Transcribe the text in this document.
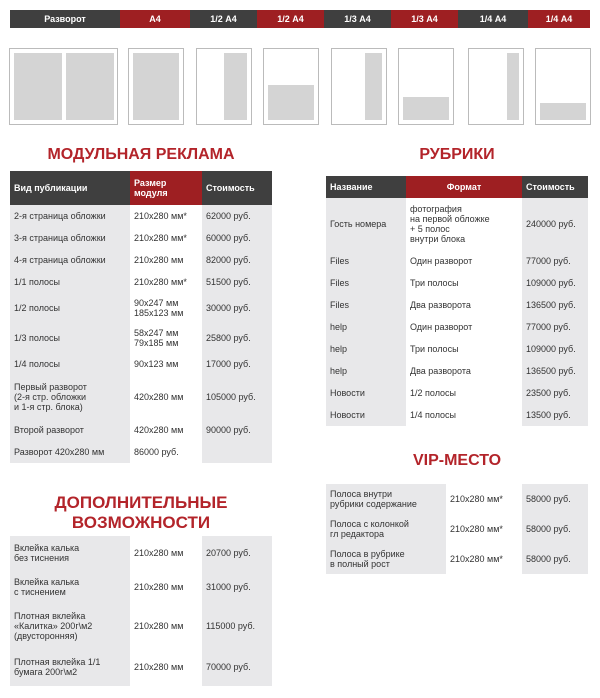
Разворот	А4	1/2 А4	1/2 А4	1/3 А4	1/3 А4	1/4 А4	1/4 А4
МОДУЛЬНАЯ РЕКЛАМА
Вид публикации	Размер модуля	Стоимость
2-я страница обложки	210х280 мм*	62000 руб.
3-я страница обложки	210х280 мм*	60000 руб.
4-я страница обложки	210х280 мм	82000 руб.
1/1 полосы	210х280 мм*	51500 руб.
1/2 полосы	90х247 мм
185х123 мм	30000 руб.
1/3 полосы	58х247 мм
79х185 мм	25800 руб.
1/4 полосы	90х123 мм	17000 руб.
Первый разворот
(2-я стр. обложки
и 1-я стр. блока)	420х280 мм	105000 руб.
Второй разворот	420х280 мм	90000 руб.
Разворот 420х280 мм	86000 руб.	
ДОПОЛНИТЕЛЬНЫЕ
ВОЗМОЖНОСТИ
Вклейка калька
без тиснения	210х280 мм	20700 руб.
Вклейка калька
с тиснением	210х280 мм	31000 руб.
Плотная вклейка
«Калитка» 200г\м2
(двусторонняя)	210х280 мм	115000 руб.
Плотная вклейка 1/1
бумага 200г\м2	210х280 мм	70000 руб.
РУБРИКИ
Название	Формат	Стоимость
Гость номера	фотография
на первой обложке
+ 5 полос
внутри блока	240000 руб.
Files	Один разворот	77000 руб.
Files	Три полосы	109000 руб.
Files	Два разворота	136500 руб.
help	Один разворот	77000 руб.
help	Три полосы	109000 руб.
help	Два разворота	136500 руб.
Новости	1/2 полосы	23500 руб.
Новости	1/4 полосы	13500 руб.
VIP-МЕСТО
Полоса внутри
рубрики содержание	210х280 мм*	58000 руб.
Полоса с колонкой
гл редактора	210х280 мм*	58000 руб.
Полоса в рубрике
в полный рост	210х280 мм*	58000 руб.
